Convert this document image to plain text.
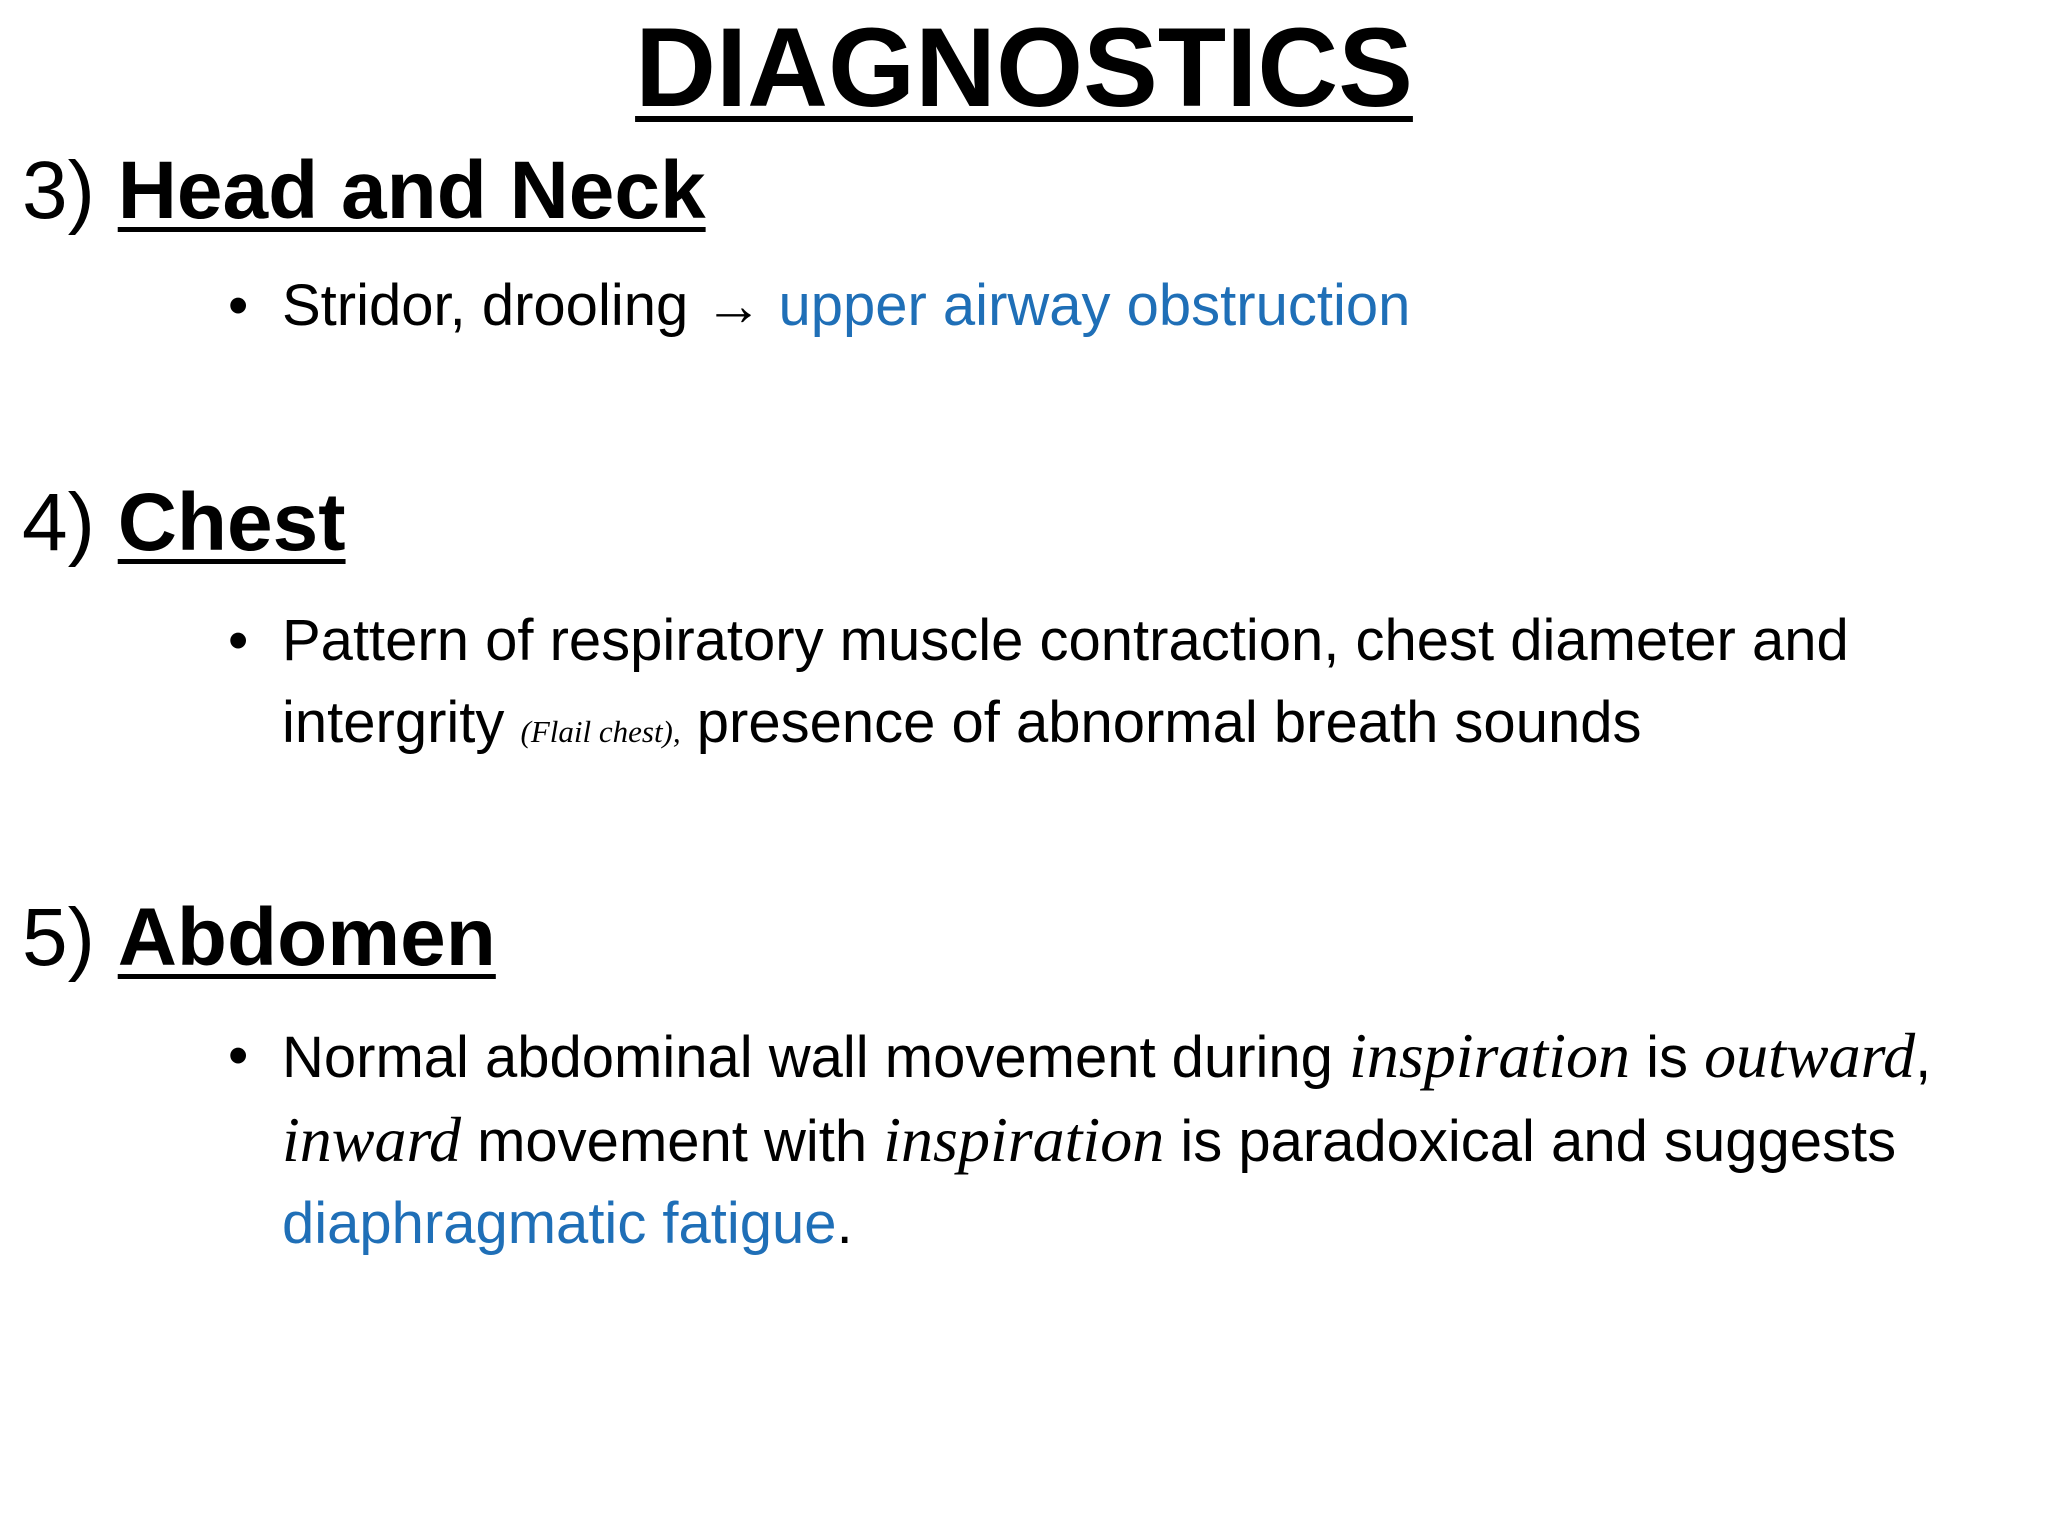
DIAGNOSTICS
3) Head and Neck
• Stridor, drooling → upper airway obstruction
4) Chest
• Pattern of respiratory muscle contraction, chest diameter and intergrity (Flail chest), presence of abnormal breath sounds
5) Abdomen
• Normal abdominal wall movement during inspiration is outward, inward movement with inspiration is paradoxical and suggests diaphragmatic fatigue.
